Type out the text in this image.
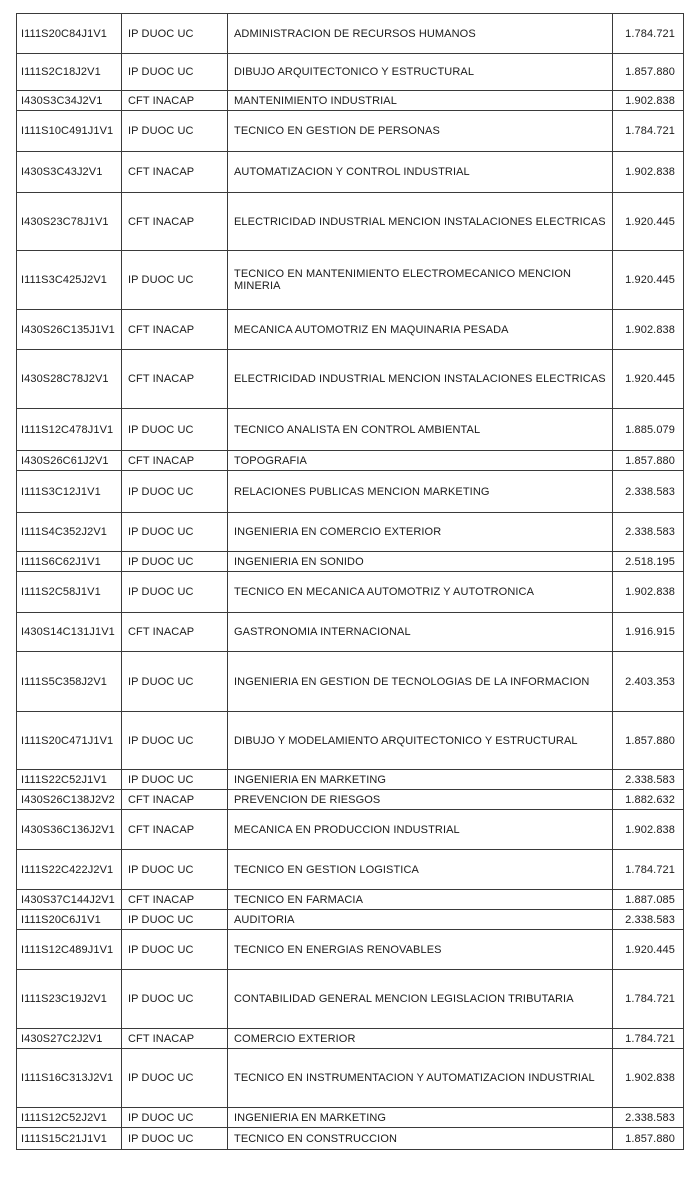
I111S20C84J1V1	IP DUOC UC	ADMINISTRACION DE RECURSOS HUMANOS	1.784.721
I111S2C18J2V1	IP DUOC UC	DIBUJO ARQUITECTONICO Y ESTRUCTURAL	1.857.880
I430S3C34J2V1	CFT INACAP	MANTENIMIENTO INDUSTRIAL	1.902.838
I111S10C491J1V1	IP DUOC UC	TECNICO EN GESTION DE PERSONAS	1.784.721
I430S3C43J2V1	CFT INACAP	AUTOMATIZACION Y CONTROL INDUSTRIAL	1.902.838
I430S23C78J1V1	CFT INACAP	ELECTRICIDAD INDUSTRIAL MENCION INSTALACIONES ELECTRICAS	1.920.445
I111S3C425J2V1	IP DUOC UC	TECNICO EN MANTENIMIENTO ELECTROMECANICO MENCION MINERIA	1.920.445
I430S26C135J1V1	CFT INACAP	MECANICA AUTOMOTRIZ EN MAQUINARIA PESADA	1.902.838
I430S28C78J2V1	CFT INACAP	ELECTRICIDAD INDUSTRIAL MENCION INSTALACIONES ELECTRICAS	1.920.445
I111S12C478J1V1	IP DUOC UC	TECNICO ANALISTA EN CONTROL AMBIENTAL	1.885.079
I430S26C61J2V1	CFT INACAP	TOPOGRAFIA	1.857.880
I111S3C12J1V1	IP DUOC UC	RELACIONES PUBLICAS MENCION MARKETING	2.338.583
I111S4C352J2V1	IP DUOC UC	INGENIERIA EN COMERCIO EXTERIOR	2.338.583
I111S6C62J1V1	IP DUOC UC	INGENIERIA EN SONIDO	2.518.195
I111S2C58J1V1	IP DUOC UC	TECNICO EN MECANICA AUTOMOTRIZ Y AUTOTRONICA	1.902.838
I430S14C131J1V1	CFT INACAP	GASTRONOMIA INTERNACIONAL	1.916.915
I111S5C358J2V1	IP DUOC UC	INGENIERIA EN GESTION DE TECNOLOGIAS DE LA INFORMACION	2.403.353
I111S20C471J1V1	IP DUOC UC	DIBUJO Y MODELAMIENTO ARQUITECTONICO Y ESTRUCTURAL	1.857.880
I111S22C52J1V1	IP DUOC UC	INGENIERIA EN MARKETING	2.338.583
I430S26C138J2V2	CFT INACAP	PREVENCION DE RIESGOS	1.882.632
I430S36C136J2V1	CFT INACAP	MECANICA EN PRODUCCION INDUSTRIAL	1.902.838
I111S22C422J2V1	IP DUOC UC	TECNICO EN GESTION LOGISTICA	1.784.721
I430S37C144J2V1	CFT INACAP	TECNICO EN FARMACIA	1.887.085
I111S20C6J1V1	IP DUOC UC	AUDITORIA	2.338.583
I111S12C489J1V1	IP DUOC UC	TECNICO EN ENERGIAS RENOVABLES	1.920.445
I111S23C19J2V1	IP DUOC UC	CONTABILIDAD GENERAL MENCION LEGISLACION TRIBUTARIA	1.784.721
I430S27C2J2V1	CFT INACAP	COMERCIO EXTERIOR	1.784.721
I111S16C313J2V1	IP DUOC UC	TECNICO EN INSTRUMENTACION Y AUTOMATIZACION INDUSTRIAL	1.902.838
I111S12C52J2V1	IP DUOC UC	INGENIERIA EN MARKETING	2.338.583
I111S15C21J1V1	IP DUOC UC	TECNICO EN CONSTRUCCION	1.857.880
